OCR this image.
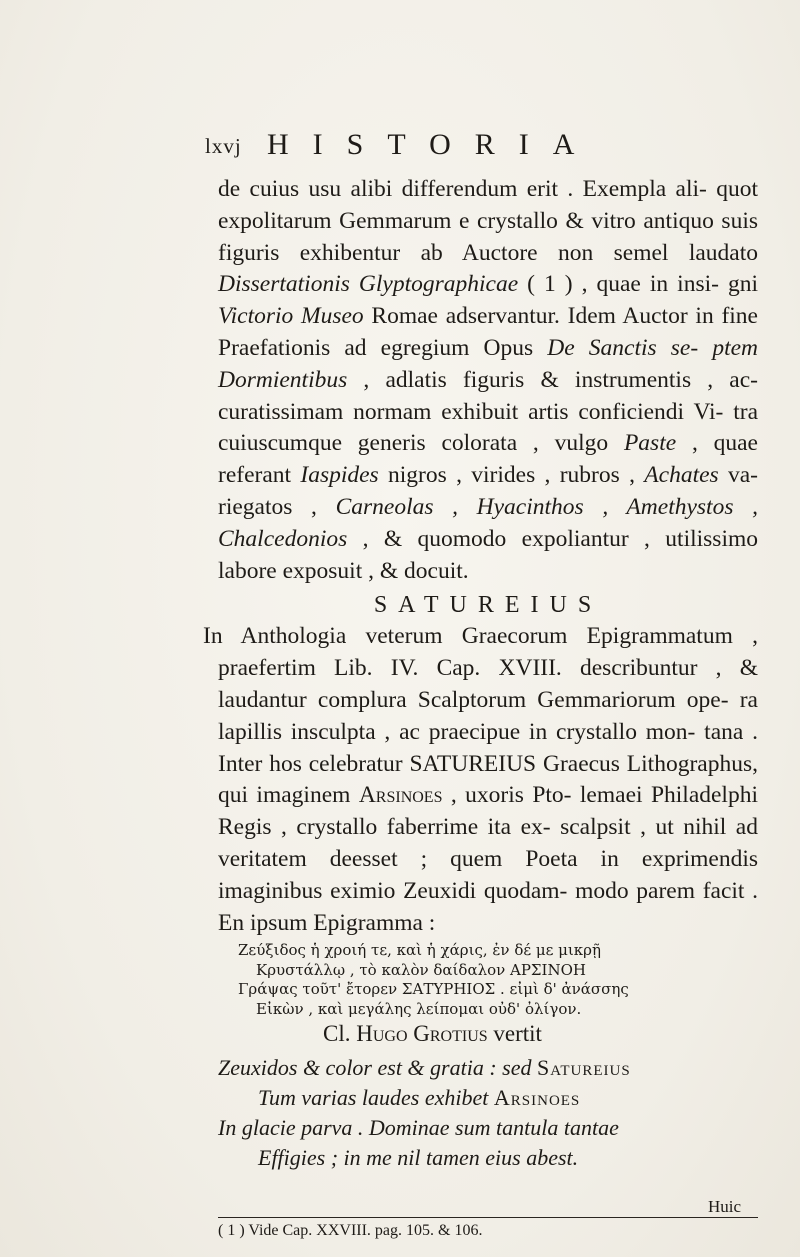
lxvj HISTORIA

de cuius usu alibi differendum erit . Exempla ali- quot expolitarum Gemmarum e crystallo & vitro antiquo suis figuris exhibentur ab Auctore non semel laudato Dissertationis Glyptographicae ( 1 ) , quae in insi- gni Victorio Museo Romae adservantur. Idem Auctor in fine Praefationis ad egregium Opus De Sanctis se- ptem Dormientibus , adlatis figuris & instrumentis , ac- curatissimam normam exhibuit artis conficiendi Vi- tra cuiuscumque generis colorata , vulgo Paste , quae referant Iaspides nigros , virides , rubros , Achates va- riegatos , Carneolas , Hyacinthos , Amethystos , Chalcedonios , & quomodo expoliantur , utilissimo labore exposuit , & docuit.

SATUREIUS

In Anthologia veterum Graecorum Epigrammatum , praefertim Lib. IV. Cap. XVIII. describuntur , & laudantur complura Scalptorum Gemmariorum ope- ra lapillis insculpta , ac praecipue in crystallo mon- tana . Inter hos celebratur SATUREIUS Graecus Lithographus, qui imaginem Arsinoes , uxoris Pto- lemaei Philadelphi Regis , crystallo faberrime ita ex- scalpsit , ut nihil ad veritatem deesset ; quem Poeta in exprimendis imaginibus eximio Zeuxidi quodam- modo parem facit . En ipsum Epigramma :

Ζεύξιδος ἡ χροιή τε, καὶ ἡ χάρις, ἐν δέ με μικρῇ
Κρυστάλλῳ , τὸ καλὸν δαίδαλον ΑΡΣΙΝΟΗ
Γράψας τοῦτ' ἔτορεν ΣΑΤΥΡΗΙΟΣ . εἰμὶ δ' ἀνάσσης
Εἰκὼν , καὶ μεγάλης λείπομαι οὐδ' ὀλίγον.

Cl. Hugo Grotius vertit

Zeuxidos & color est & gratia : sed Satureius
Tum varias laudes exhibet Arsinoes
In glacie parva . Dominae sum tantula tantae
Effigies ; in me nil tamen eius abest.
Huic
( 1 ) Vide Cap. XXVIII. pag. 105. & 106.
